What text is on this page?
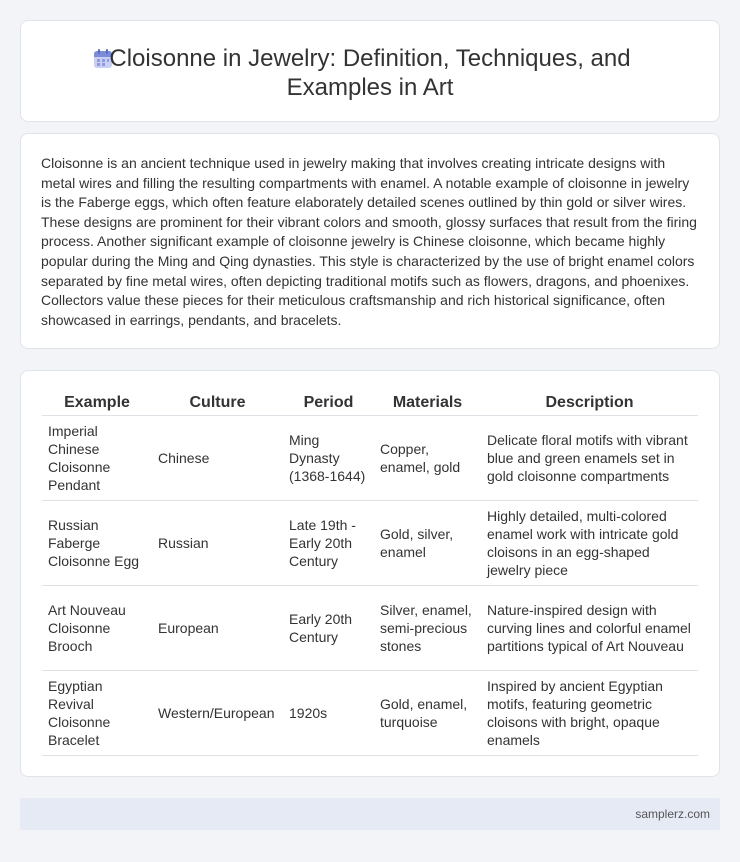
Cloisonne in Jewelry: Definition, Techniques, and Examples in Art

Cloisonne is an ancient technique used in jewelry making that involves creating intricate designs with metal wires and filling the resulting compartments with enamel. A notable example of cloisonne in jewelry is the Faberge eggs, which often feature elaborately detailed scenes outlined by thin gold or silver wires. These designs are prominent for their vibrant colors and smooth, glossy surfaces that result from the firing process. Another significant example of cloisonne jewelry is Chinese cloisonne, which became highly popular during the Ming and Qing dynasties. This style is characterized by the use of bright enamel colors separated by fine metal wires, often depicting traditional motifs such as flowers, dragons, and phoenixes. Collectors value these pieces for their meticulous craftsmanship and rich historical significance, often showcased in earrings, pendants, and bracelets.

Example	Culture	Period	Materials	Description
Imperial Chinese Cloisonne Pendant	Chinese	Ming Dynasty (1368-1644)	Copper, enamel, gold	Delicate floral motifs with vibrant blue and green enamels set in gold cloisonne compartments
Russian Faberge Cloisonne Egg	Russian	Late 19th - Early 20th Century	Gold, silver, enamel	Highly detailed, multi-colored enamel work with intricate gold cloisons in an egg-shaped jewelry piece
Art Nouveau Cloisonne Brooch	European	Early 20th Century	Silver, enamel, semi-precious stones	Nature-inspired design with curving lines and colorful enamel partitions typical of Art Nouveau
Egyptian Revival Cloisonne Bracelet	Western/European	1920s	Gold, enamel, turquoise	Inspired by ancient Egyptian motifs, featuring geometric cloisons with bright, opaque enamels
samplerz.com
